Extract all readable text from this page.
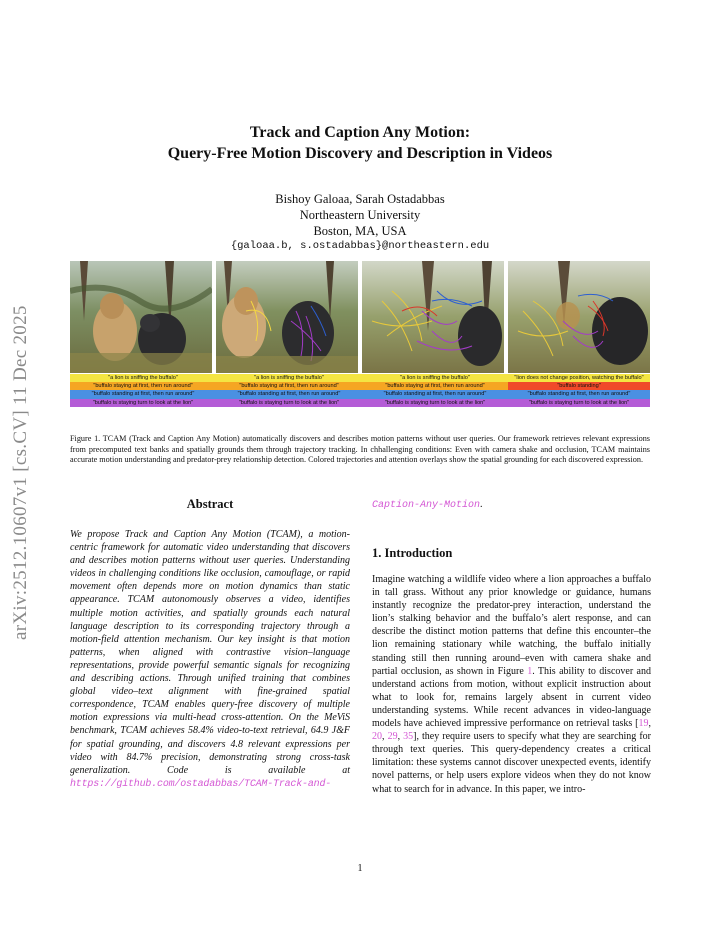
arXiv:2512.10607v1 [cs.CV] 11 Dec 2025
Track and Caption Any Motion:
Query-Free Motion Discovery and Description in Videos
Bishoy Galoaa, Sarah Ostadabbas
Northeastern University
Boston, MA, USA
{galoaa.b, s.ostadabbas}@northeastern.edu
"a lion is sniffing the buffalo"	"a lion is sniffing the buffalo"	"a lion is sniffing the buffalo"	"lion does not change position, watching the buffalo"
"buffalo staying at first, then run around"	"buffalo staying at first, then run around"	"buffalo staying at first, then run around"	"buffalo standing"
"buffalo standing at first, then run around"	"buffalo standing at first, then run around"	"buffalo standing at first, then run around"	"buffalo standing at first, then run around"
"buffalo is staying turn to look at the lion"	"buffalo is staying turn to look at the lion"	"buffalo is staying turn to look at the lion"	"buffalo is staying turn to look at the lion"
Figure 1. TCAM (Track and Caption Any Motion) automatically discovers and describes motion patterns without user queries. Our framework retrieves relevant expressions from precomputed text banks and spatially grounds them through trajectory tracking. In chhallenging conditions: Even with camera shake and occlusion, TCAM maintains accurate motion understanding and predator-prey relationship detection. Colored trajectories and attention overlays show the spatial grounding for each discovered expression.
Abstract
We propose Track and Caption Any Motion (TCAM), a motion-centric framework for automatic video understanding that discovers and describes motion patterns without user queries. Understanding videos in challenging conditions like occlusion, camouflage, or rapid movement often depends more on motion dynamics than static appearance. TCAM autonomously observes a video, identifies multiple motion activities, and spatially grounds each natural language description to its corresponding trajectory through a motion-field attention mechanism. Our key insight is that motion patterns, when aligned with contrastive vision–language representations, provide powerful semantic signals for recognizing and describing actions. Through unified training that combines global video–text alignment with fine-grained spatial correspondence, TCAM enables query-free discovery of multiple motion expressions via multi-head cross-attention. On the MeViS benchmark, TCAM achieves 58.4% video-to-text retrieval, 64.9 J&F for spatial grounding, and discovers 4.8 relevant expressions per video with 84.7% precision, demonstrating strong cross-task generalization. Code is available at https://github.com/ostadabbas/TCAM-Track-and-
Caption-Any-Motion.
1. Introduction
Imagine watching a wildlife video where a lion approaches a buffalo in tall grass. Without any prior knowledge or guidance, humans instantly recognize the predator-prey interaction, understand the lion’s stalking behavior and the buffalo’s alert response, and can describe the distinct motion patterns that define this encounter–the lion remaining stationary while watching, the buffalo initially standing still then running around–even with camera shake and partial occlusion, as shown in Figure 1. This ability to discover and understand actions from motion, without explicit instruction about what to look for, remains largely absent in current video understanding systems. While recent advances in video-language models have achieved impressive performance on retrieval tasks [19, 20, 29, 35], they require users to specify what they are searching for through text queries. This query-dependency creates a critical limitation: these systems cannot discover unexpected events, identify novel patterns, or help users explore videos when they do not know what to search for in advance. In this paper, we intro-
1
